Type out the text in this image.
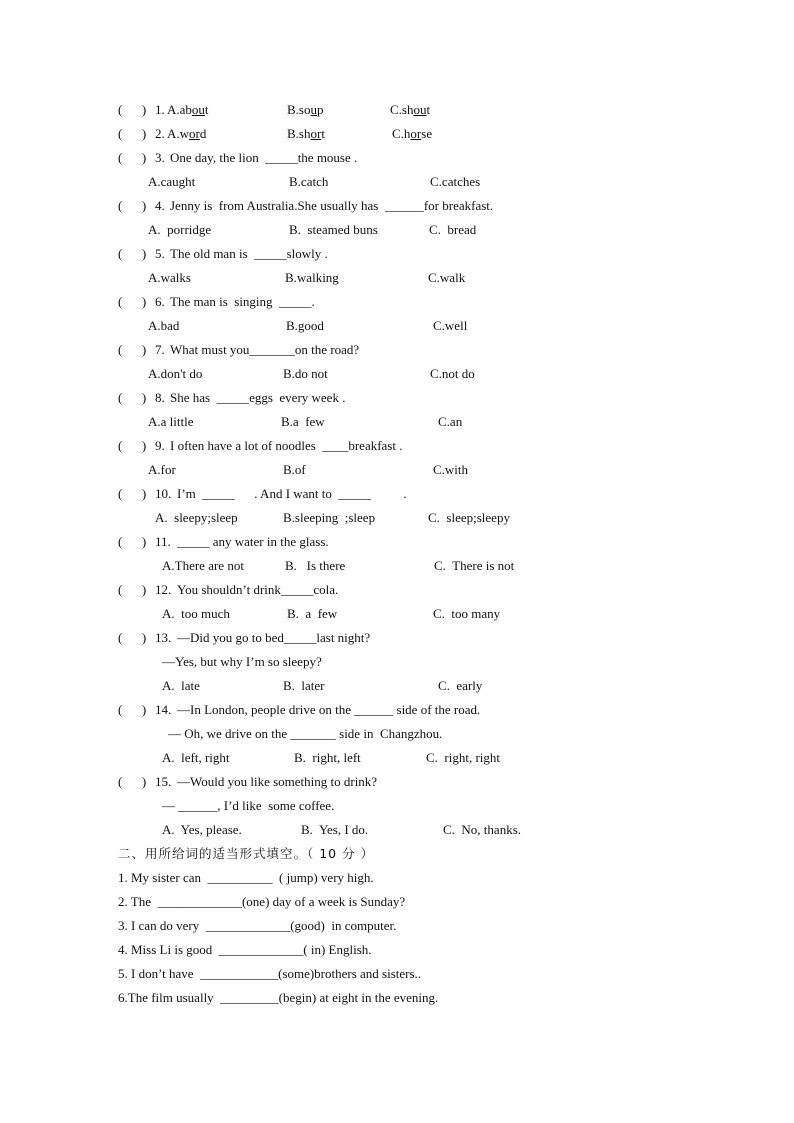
(      ) 1. A.about	B.soup	C.shout
(      ) 2. A.word	B.short	C.horse
(      ) 3. One day, the lion  _____the mouse .
A.caught	B.catch	C.catches
(      ) 4. Jenny is  from Australia.She usually has  ______for breakfast.
A.  porridge	B.  steamed buns	C.  bread
(      ) 5. The old man is  _____slowly .
A.walks	B.walking	C.walk
(      ) 6. The man is  singing  _____.
A.bad	B.good	C.well
(      ) 7. What must you_______on the road?
A.don't do	B.do not	C.not do
(      ) 8. She has  _____eggs  every week .
A.a little	B.a  few	C.an
(      ) 9. I often have a lot of noodles  ____breakfast .
A.for	B.of	C.with
(      ) 10. I’m  _____      . And I want to  _____          .
A.  sleepy;sleep	B.sleeping  ;sleep	C.  sleep;sleepy
(      ) 11. _____ any water in the glass.
A.There are not	B.   Is there	C.  There is not
(      ) 12. You shouldn’t drink_____cola.
A.  too much	B.  a  few	C.  too many
(      ) 13. —Did you go to bed_____last night?
—Yes, but why I’m so sleepy?
A.  late	B.  later	C.  early
(      ) 14. —In London, people drive on the ______ side of the road.
— Oh, we drive on the _______ side in  Changzhou.
A.  left, right	B.  right, left	C.  right, right
(      ) 15. —Would you like something to drink?
— ______, I’d like  some coffee.
A.  Yes, please.	B.  Yes, I do.	C.  No, thanks.
二、用所给词的适当形式填空。（ 10 分 ）
1. My sister can  __________  ( jump) very high.
2. The  _____________(one) day of a week is Sunday?
3. I can do very  _____________(good)  in computer.
4. Miss Li is good  _____________( in) English.
5. I don’t have  ____________(some)brothers and sisters..
6.The film usually  _________(begin) at eight in the evening.
